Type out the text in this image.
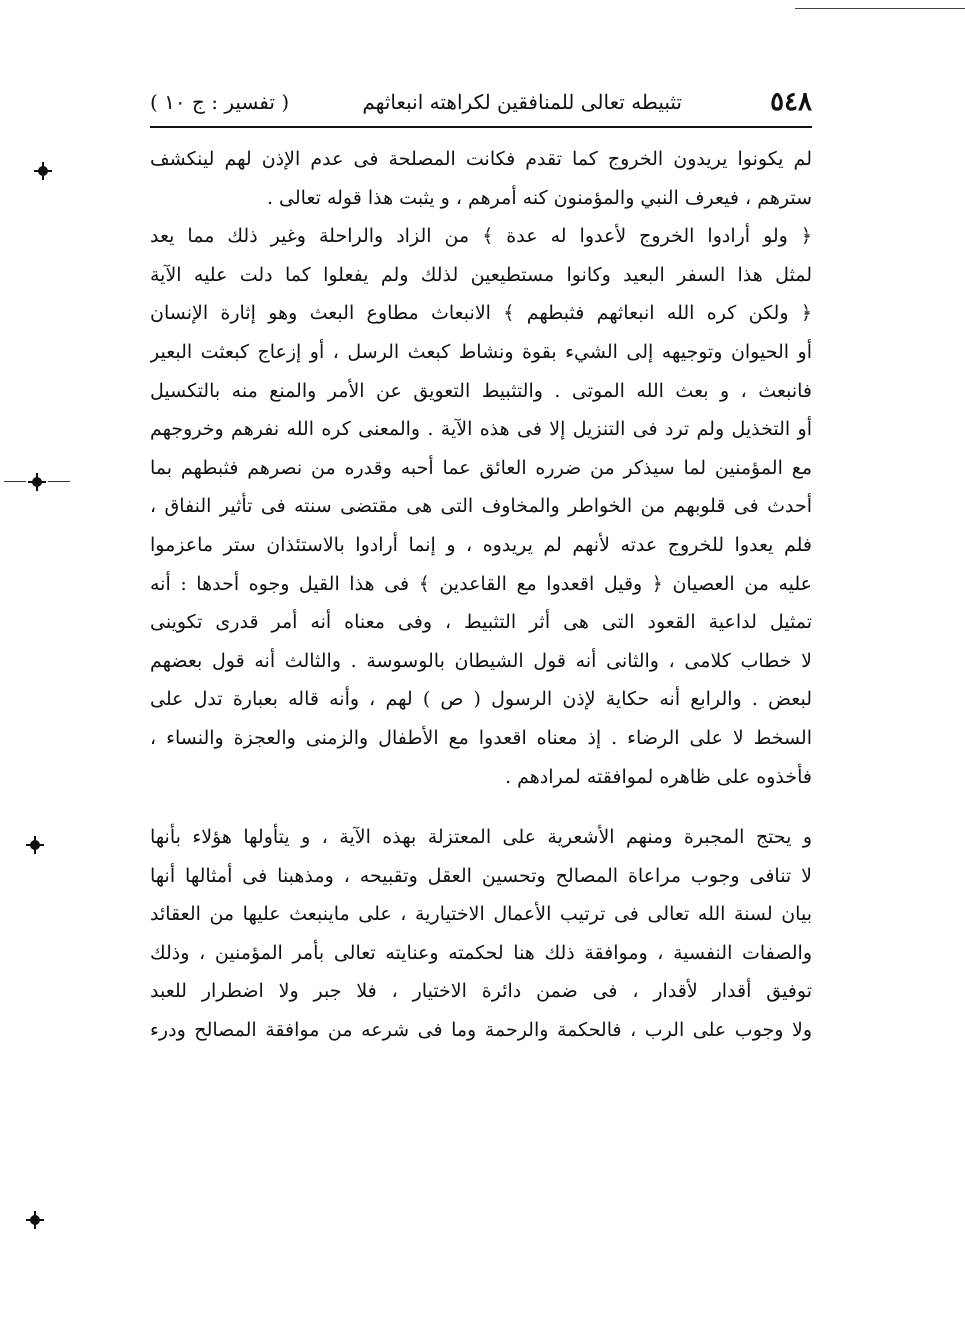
٥٤٨
تثبيطه تعالى للمنافقين لكراهته انبعاثهم
( تفسير : ج ١٠ )
لم يكونوا يريدون الخروج كما تقدم فكانت المصلحة فى عدم الإذن لهم لينكشف
سترهم ، فيعرف النبي والمؤمنون كنه أمرهم ، و يثبت هذا قوله تعالى .
﴿ ولو أرادوا الخروج لأعدوا له عدة ﴾ من الزاد والراحلة وغير ذلك مما يعد
لمثل هذا السفر البعيد وكانوا مستطيعين لذلك ولم يفعلوا كما دلت عليه الآية
﴿ ولكن كره الله انبعاثهم فثبطهم ﴾ الانبعاث مطاوع البعث وهو إثارة الإنسان
أو الحيوان وتوجيهه إلى الشيء بقوة ونشاط كبعث الرسل ، أو إزعاج كبعثت البعير
فانبعث ، و بعث الله الموتى . والتثبيط التعويق عن الأمر والمنع منه بالتكسيل
أو التخذيل ولم ترد فى التنزيل إلا فى هذه الآية . والمعنى كره الله نفرهم وخروجهم
مع المؤمنين لما سيذكر من ضرره العائق عما أحبه وقدره من نصرهم فثبطهم بما
أحدث فى قلوبهم من الخواطر والمخاوف التى هى مقتضى سنته فى تأثير النفاق ،
فلم يعدوا للخروج عدته لأنهم لم يريدوه ، و إنما أرادوا بالاستئذان ستر ماعزموا
عليه من العصيان ﴿ وقيل اقعدوا مع القاعدين ﴾ فى هذا القيل وجوه أحدها : أنه
تمثيل لداعية القعود التى هى أثر التثبيط ، وفى معناه أنه أمر قدرى تكوينى
لا خطاب كلامى ، والثانى أنه قول الشيطان بالوسوسة . والثالث أنه قول بعضهم
لبعض . والرابع أنه حكاية لإذن الرسول ( ص ) لهم ، وأنه قاله بعبارة تدل على
السخط لا على الرضاء . إذ معناه اقعدوا مع الأطفال والزمنى والعجزة والنساء ،
فأخذوه على ظاهره لموافقته لمرادهم .
و يحتج المجبرة ومنهم الأشعرية على المعتزلة بهذه الآية ، و يتأولها هؤلاء بأنها
لا تنافى وجوب مراعاة المصالح وتحسين العقل وتقبيحه ، ومذهبنا فى أمثالها أنها
بيان لسنة الله تعالى فى ترتيب الأعمال الاختيارية ، على ماينبعث عليها من العقائد
والصفات النفسية ، وموافقة ذلك هنا لحكمته وعنايته تعالى بأمر المؤمنين ، وذلك
توفيق أقدار لأقدار ، فى ضمن دائرة الاختيار ، فلا جبر ولا اضطرار للعبد
ولا وجوب على الرب ، فالحكمة والرحمة وما فى شرعه من موافقة المصالح ودرء
